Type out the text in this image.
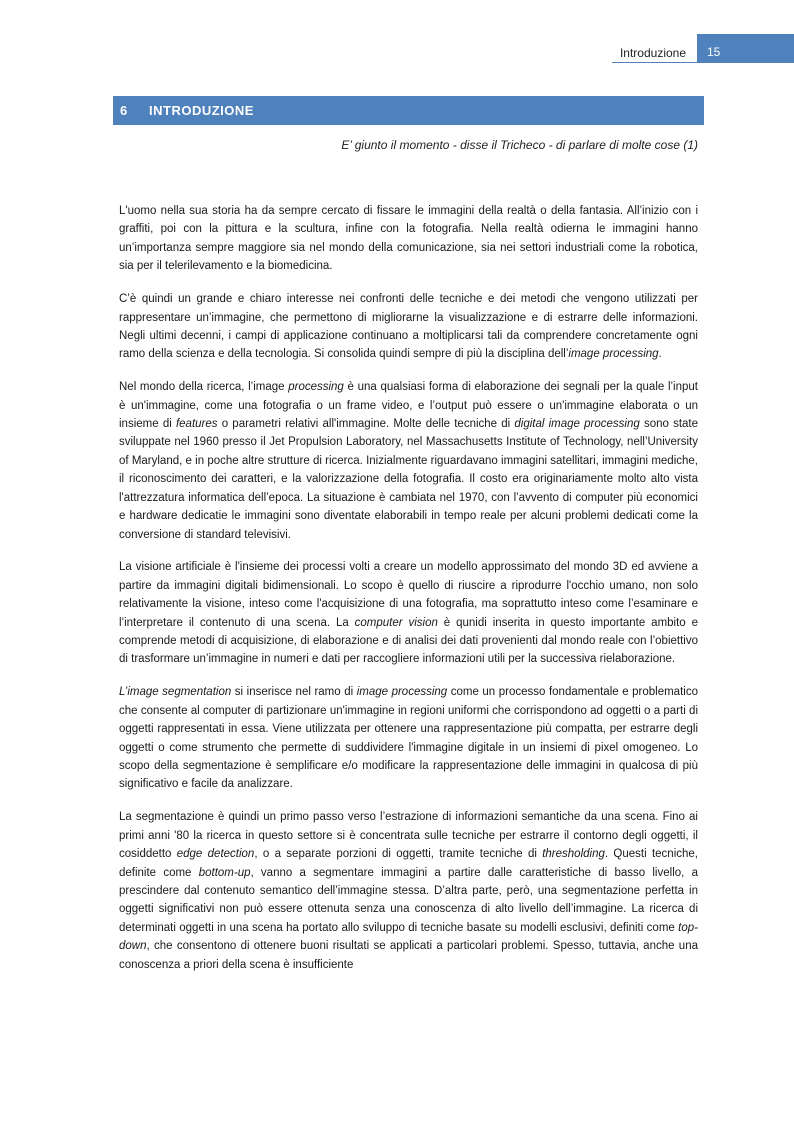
Introduzione	15
6	INTRODUZIONE
E’ giunto il momento - disse il Tricheco - di parlare di molte cose (1)

L'uomo nella sua storia ha da sempre cercato di fissare le immagini della realtà o della fantasia. All’inizio con i graffiti, poi con la pittura e la scultura, infine con la fotografia. Nella realtà odierna le immagini hanno un’importanza sempre maggiore sia nel mondo della comunicazione, sia nei settori industriali come la robotica, sia per il telerilevamento e la biomedicina.

C’è quindi un grande e chiaro interesse nei confronti delle tecniche e dei metodi che vengono utilizzati per rappresentare un’immagine, che permettono di migliorarne la visualizzazione e di estrarre delle informazioni. Negli ultimi decenni, i campi di applicazione continuano a moltiplicarsi tali da comprendere concretamente ogni ramo della scienza e della tecnologia. Si consolida quindi sempre di più la disciplina dell’image processing.

Nel mondo della ricerca, l’image processing è una qualsiasi forma di elaborazione dei segnali per la quale l’input è un'immagine, come una fotografia o un frame video, e l’output può essere o un'immagine elaborata o un insieme di features o parametri relativi all'immagine. Molte delle tecniche di digital image processing sono state sviluppate nel 1960 presso il Jet Propulsion Laboratory, nel Massachusetts Institute of Technology, nell’University of Maryland, e in poche altre strutture di ricerca. Inizialmente riguardavano immagini satellitari, immagini mediche, il riconoscimento dei caratteri, e la valorizzazione della fotografia. Il costo era originariamente molto alto vista l'attrezzatura informatica dell’epoca. La situazione è cambiata nel 1970, con l’avvento di computer più economici e hardware dedicatie le immagini sono diventate elaborabili in tempo reale per alcuni problemi dedicati come la conversione di standard televisivi.

La visione artificiale è l'insieme dei processi volti a creare un modello approssimato del mondo 3D ed avviene a partire da immagini digitali bidimensionali. Lo scopo è quello di riuscire a riprodurre l'occhio umano, non solo relativamente la visione, inteso come l'acquisizione di una fotografia, ma soprattutto inteso come l’esaminare e l’interpretare il contenuto di una scena. La computer vision è qunidi inserita in questo importante ambito e comprende metodi di acquisizione, di elaborazione e di analisi dei dati provenienti dal mondo reale con l’obiettivo di trasformare un’immagine in numeri e dati per raccogliere informazioni utili per la successiva rielaborazione.

L’image segmentation si inserisce nel ramo di image processing come un processo fondamentale e problematico che consente al computer di partizionare un'immagine in regioni uniformi che corrispondono ad oggetti o a parti di oggetti rappresentati in essa. Viene utilizzata per ottenere una rappresentazione più compatta, per estrarre degli oggetti o come strumento che permette di suddividere l'immagine digitale in un insiemi di pixel omogeneo. Lo scopo della segmentazione è semplificare e/o modificare la rappresentazione delle immagini in qualcosa di più significativo e facile da analizzare.

La segmentazione è quindi un primo passo verso l’estrazione di informazioni semantiche da una scena. Fino ai primi anni '80 la ricerca in questo settore si è concentrata sulle tecniche per estrarre il contorno degli oggetti, il cosiddetto edge detection, o a separate porzioni di oggetti, tramite tecniche di thresholding. Questi tecniche, definite come bottom-up, vanno a segmentare immagini a partire dalle caratteristiche di basso livello, a prescindere dal contenuto semantico dell’immagine stessa. D’altra parte, però, una segmentazione perfetta in oggetti significativi non può essere ottenuta senza una conoscenza di alto livello dell’immagine. La ricerca di determinati oggetti in una scena ha portato allo sviluppo di tecniche basate su modelli esclusivi, definiti come top-down, che consentono di ottenere buoni risultati se applicati a particolari problemi. Spesso, tuttavia, anche una conoscenza a priori della scena è insufficiente
